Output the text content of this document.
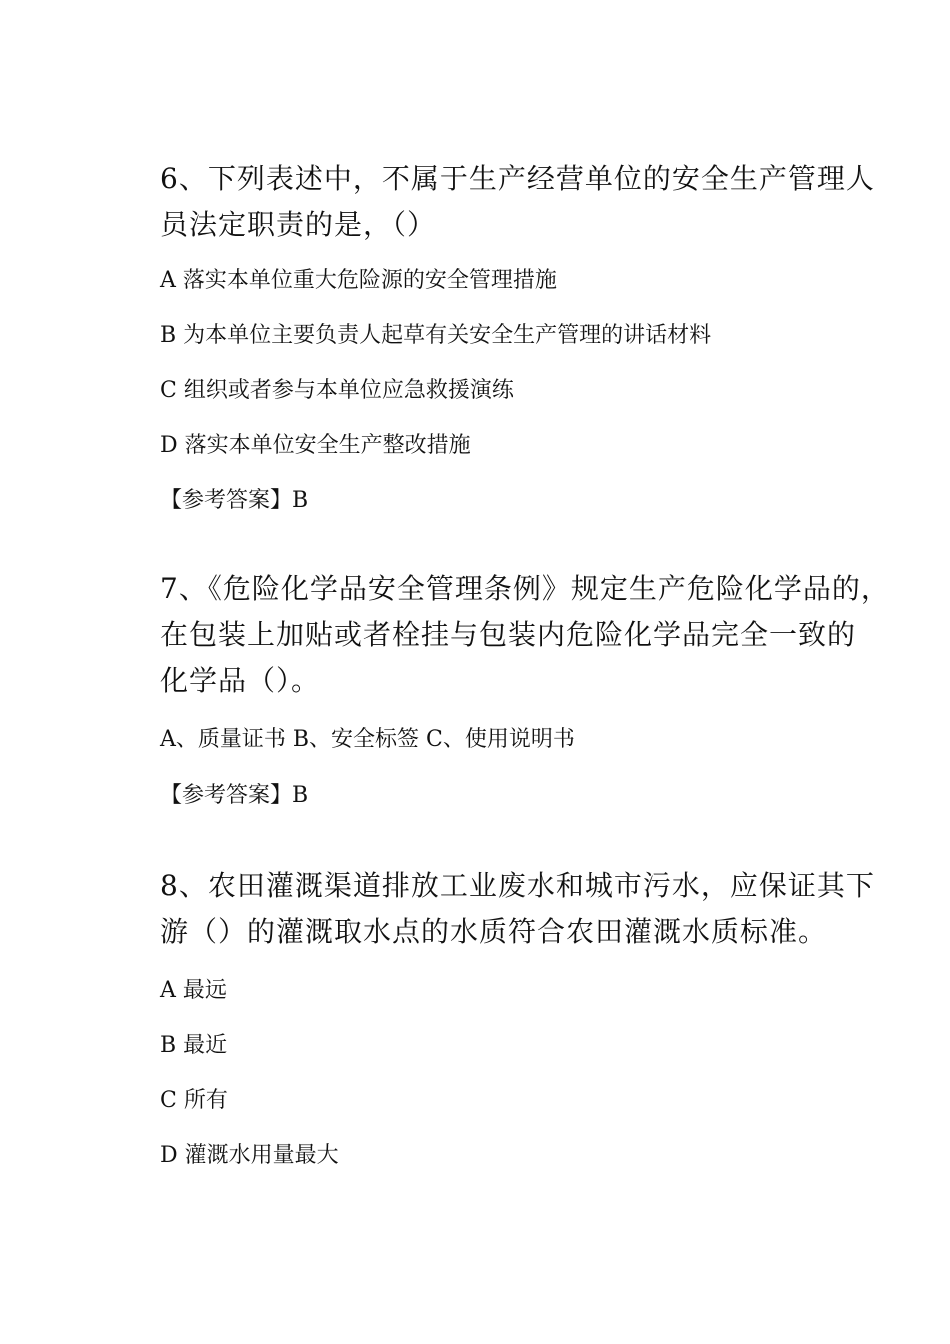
6、下列表述中，不属于生产经营单位的安全生产管理人
员法定职责的是，（）
A 落实本单位重大危险源的安全管理措施
B 为本单位主要负责人起草有关安全生产管理的讲话材料
C 组织或者参与本单位应急救援演练
D 落实本单位安全生产整改措施
【参考答案】B
7、《危险化学品安全管理条例》规定生产危险化学品的，
在包装上加贴或者栓挂与包装内危险化学品完全一致的
化学品（）。
A、质量证书 B、安全标签 C、使用说明书
【参考答案】B
8、农田灌溉渠道排放工业废水和城市污水，应保证其下
游（）的灌溉取水点的水质符合农田灌溉水质标准。
A 最远
B 最近
C 所有
D 灌溉水用量最大
